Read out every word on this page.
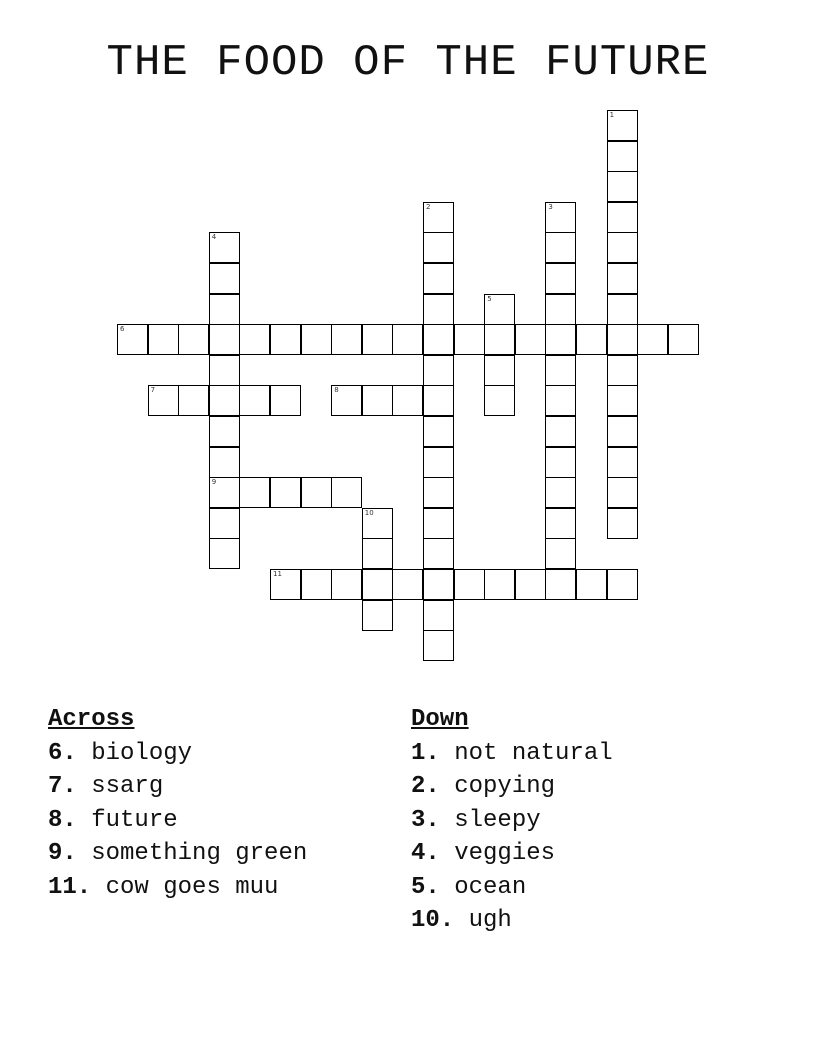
THE FOOD OF THE FUTURE
1
2	3
4
9
5
6
7	8
10
11
Across
6. biology
7. ssarg
8. future
9. something green
11. cow goes muu
Down
1. not natural
2. copying
3. sleepy
4. veggies
5. ocean
10. ugh
